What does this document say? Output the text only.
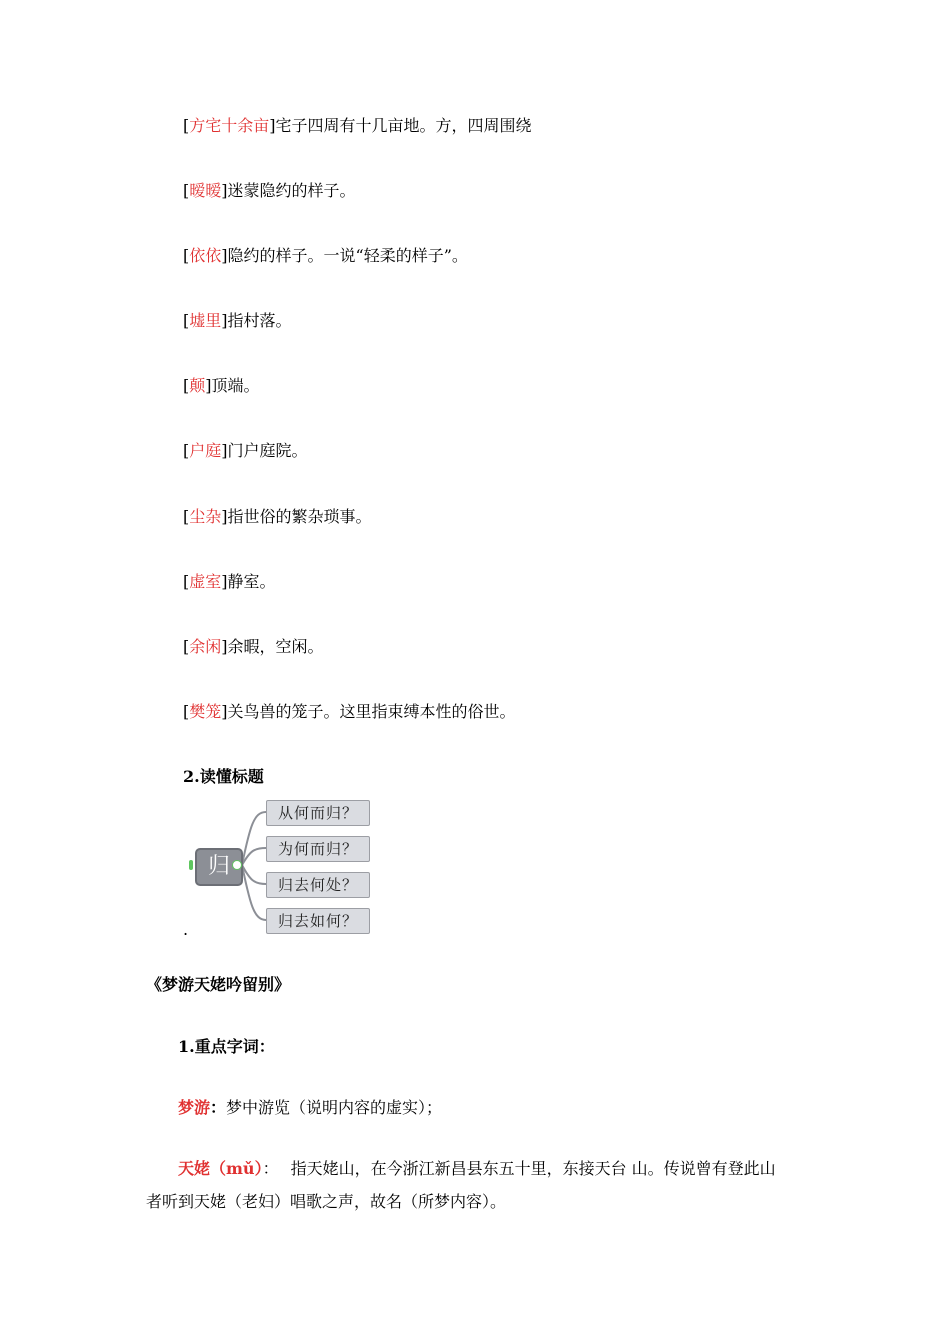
[方宅十余亩]宅子四周有十几亩地。方，四周围绕
[暧暧]迷蒙隐约的样子。
[依依]隐约的样子。一说“轻柔的样子”。
[墟里]指村落。
[颠]顶端。
[户庭]门户庭院。
[尘杂]指世俗的繁杂琐事。
[虚室]静室。
[余闲]余暇，空闲。
[樊笼]关鸟兽的笼子。这里指束缚本性的俗世。
2.读懂标题
归
从何而归？
为何而归？
归去何处？
归去如何？
.
《梦游天姥吟留别》
1.重点字词：
梦游：梦中游览（说明内容的虚实）；
天姥（mǔ）： 指天姥山，在今浙江新昌县东五十里，东接天台 山。传说曾有登此山
者听到天姥（老妇）唱歌之声，故名（所梦内容）。
